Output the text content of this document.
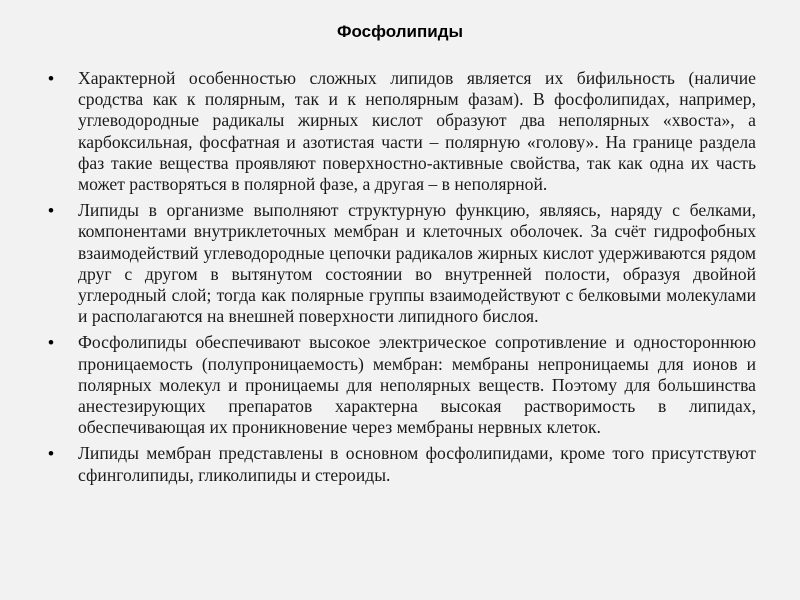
Фосфолипиды
• Характерной особенностью сложных липидов является их бифильность (наличие сродства как к полярным, так и к неполярным фазам). В фосфолипидах, например, углеводородные радикалы жирных кислот образуют два неполярных «хвоста», а карбоксильная, фосфатная и азотистая части – полярную «голову». На границе раздела фаз такие вещества проявляют поверхностно-активные свойства, так как одна их часть может растворяться в полярной фазе, а другая – в неполярной.
• Липиды в организме выполняют структурную функцию, являясь, наряду с белками, компонентами внутриклеточных мембран и клеточных оболочек. За счёт гидрофобных взаимодействий углеводородные цепочки радикалов жирных кислот удерживаются рядом друг с другом в вытянутом состоянии во внутренней полости, образуя двойной углеродный слой; тогда как полярные группы взаимодействуют с белковыми молекулами и располагаются на внешней поверхности липидного бислоя.
• Фосфолипиды обеспечивают высокое электрическое сопротивление и одностороннюю проницаемость (полупроницаемость) мембран: мембраны непроницаемы для ионов и полярных молекул и проницаемы для неполярных веществ. Поэтому для большинства анестезирующих препаратов характерна высокая растворимость в липидах, обеспечивающая их проникновение через мембраны нервных клеток.
• Липиды мембран представлены в основном фосфолипидами, кроме того присутствуют сфинголипиды, гликолипиды и стероиды.
